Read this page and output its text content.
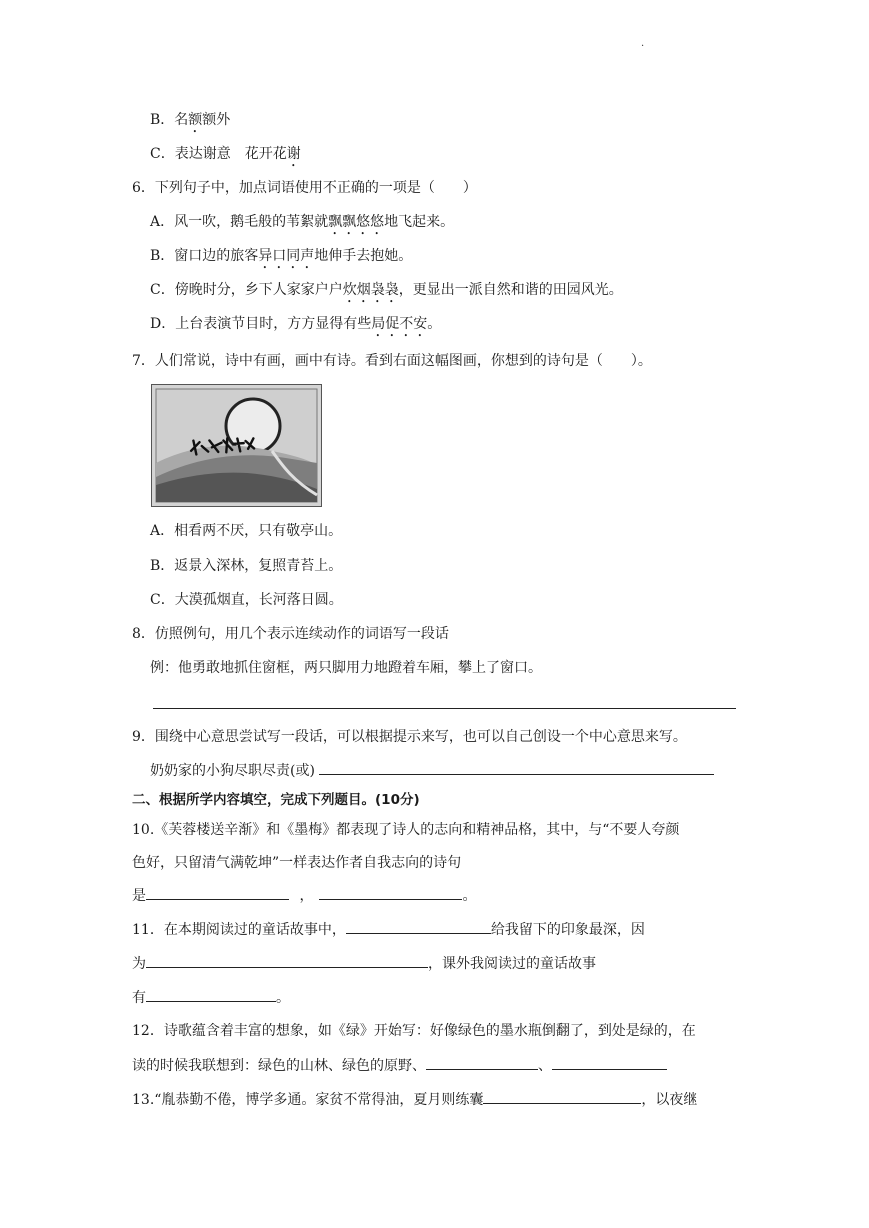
.
B．名额额外
C．表达谢意　花开花谢
6．下列句子中，加点词语使用不正确的一项是（　　）
A．风一吹，鹅毛般的苇絮就飘飘悠悠地飞起来。
B．窗口边的旅客异口同声地伸手去抱她。
C．傍晚时分，乡下人家家户户炊烟袅袅，更显出一派自然和谐的田园风光。
D．上台表演节目时，方方显得有些局促不安。
7．人们常说，诗中有画，画中有诗。看到右面这幅图画，你想到的诗句是（　　）。
A．相看两不厌，只有敬亭山。
B．返景入深林，复照青苔上。
C．大漠孤烟直，长河落日圆。
8．仿照例句，用几个表示连续动作的词语写一段话
例：他勇敢地抓住窗框，两只脚用力地蹬着车厢，攀上了窗口。
9．围绕中心意思尝试写一段话，可以根据提示来写，也可以自己创设一个中心意思来写。
奶奶家的小狗尽职尽责(或)
二、根据所学内容填空，完成下列题目。(10分)
10.《芙蓉楼送辛渐》和《墨梅》都表现了诗人的志向和精神品格，其中，与“不要人夸颜
色好，只留清气满乾坤”一样表达作者自我志向的诗句
是	，	。
11．在本期阅读过的童话故事中，	给我留下的印象最深，因
为	，课外我阅读过的童话故事
有	。
12．诗歌蕴含着丰富的想象，如《绿》开始写：好像绿色的墨水瓶倒翻了，到处是绿的，在
读的时候我联想到：绿色的山林、绿色的原野、	、
13.“胤恭勤不倦，博学多通。家贫不常得油，夏月则练囊	，以夜继
